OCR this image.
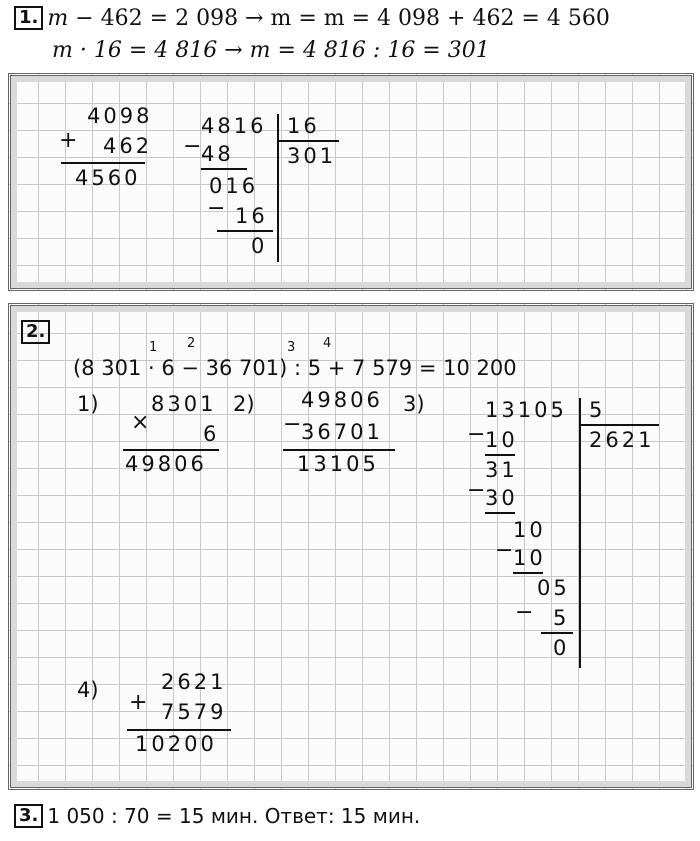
1. m − 462 = 2 098 → m = m = 4 098 + 462 = 4 560
m · 16 = 4 816 → m = 4 816 : 16 = 301
4098
+ 462
4560
4816 16
301
− 48
016
− 16
0
2.
1 2	3 4
(8 301 · 6 − 36 701) : 5 + 7 579 = 10 200
1) 8301
×	6
49806
2) 49806
− 36701
13105
3)	13105 5
2621
− 10
31
− 30
10
− 10
05
− 5
0
4)	2621
+ 7579
10200
3. 1 050 : 70 = 15 мин. Ответ: 15 мин.
